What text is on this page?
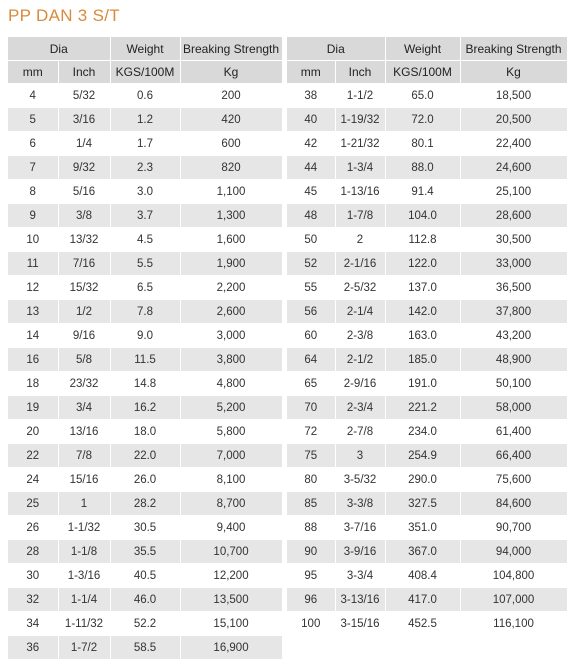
PP DAN 3 S/T
Dia		Weight	Breaking Strength
mm	Inch	KGS/100M	Kg
4	5/32	0.6	200
5	3/16	1.2	420
6	1/4	1.7	600
7	9/32	2.3	820
8	5/16	3.0	1,100
9	3/8	3.7	1,300
10	13/32	4.5	1,600
11	7/16	5.5	1,900
12	15/32	6.5	2,200
13	1/2	7.8	2,600
14	9/16	9.0	3,000
16	5/8	11.5	3,800
18	23/32	14.8	4,800
19	3/4	16.2	5,200
20	13/16	18.0	5,800
22	7/8	22.0	7,000
24	15/16	26.0	8,100
25	1	28.2	8,700
26	1-1/32	30.5	9,400
28	1-1/8	35.5	10,700
30	1-3/16	40.5	12,200
32	1-1/4	46.0	13,500
34	1-11/32	52.2	15,100
36	1-7/2	58.5	16,900
Dia		Weight	Breaking Strength
mm	Inch	KGS/100M	Kg
38	1-1/2	65.0	18,500
40	1-19/32	72.0	20,500
42	1-21/32	80.1	22,400
44	1-3/4	88.0	24,600
45	1-13/16	91.4	25,100
48	1-7/8	104.0	28,600
50	2	112.8	30,500
52	2-1/16	122.0	33,000
55	2-5/32	137.0	36,500
56	2-1/4	142.0	37,800
60	2-3/8	163.0	43,200
64	2-1/2	185.0	48,900
65	2-9/16	191.0	50,100
70	2-3/4	221.2	58,000
72	2-7/8	234.0	61,400
75	3	254.9	66,400
80	3-5/32	290.0	75,600
85	3-3/8	327.5	84,600
88	3-7/16	351.0	90,700
90	3-9/16	367.0	94,000
95	3-3/4	408.4	104,800
96	3-13/16	417.0	107,000
100	3-15/16	452.5	116,100
